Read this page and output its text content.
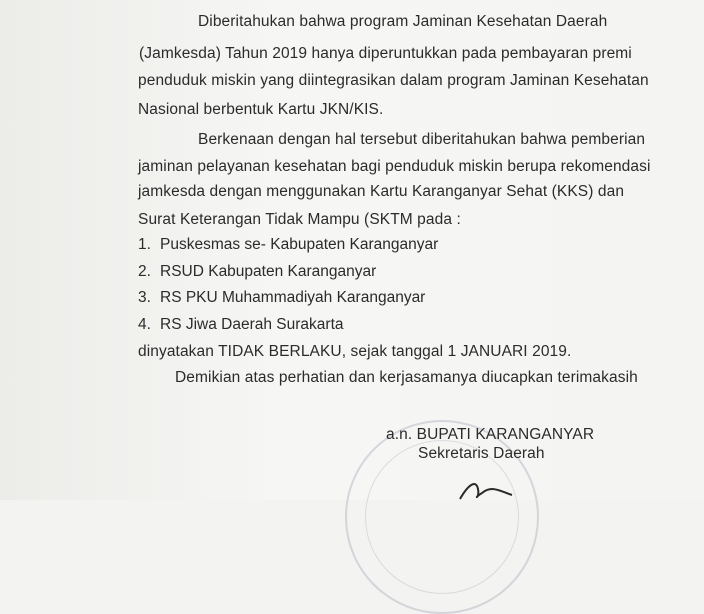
Diberitahukan bahwa program Jaminan Kesehatan Daerah
(Jamkesda) Tahun 2019 hanya diperuntukkan pada pembayaran premi
penduduk miskin yang diintegrasikan dalam program Jaminan Kesehatan
Nasional berbentuk Kartu JKN/KIS.
Berkenaan dengan hal tersebut diberitahukan bahwa pemberian
jaminan pelayanan kesehatan bagi penduduk miskin berupa rekomendasi
jamkesda dengan menggunakan Kartu Karanganyar Sehat (KKS) dan
Surat Keterangan Tidak Mampu (SKTM pada :
1. Puskesmas se- Kabupaten Karanganyar
2. RSUD Kabupaten Karanganyar
3. RS PKU Muhammadiyah Karanganyar
4. RS Jiwa Daerah Surakarta
dinyatakan TIDAK BERLAKU, sejak tanggal 1 JANUARI 2019.
Demikian atas perhatian dan kerjasamanya diucapkan terimakasih
a.n. BUPATI KARANGANYAR
Sekretaris Daerah
